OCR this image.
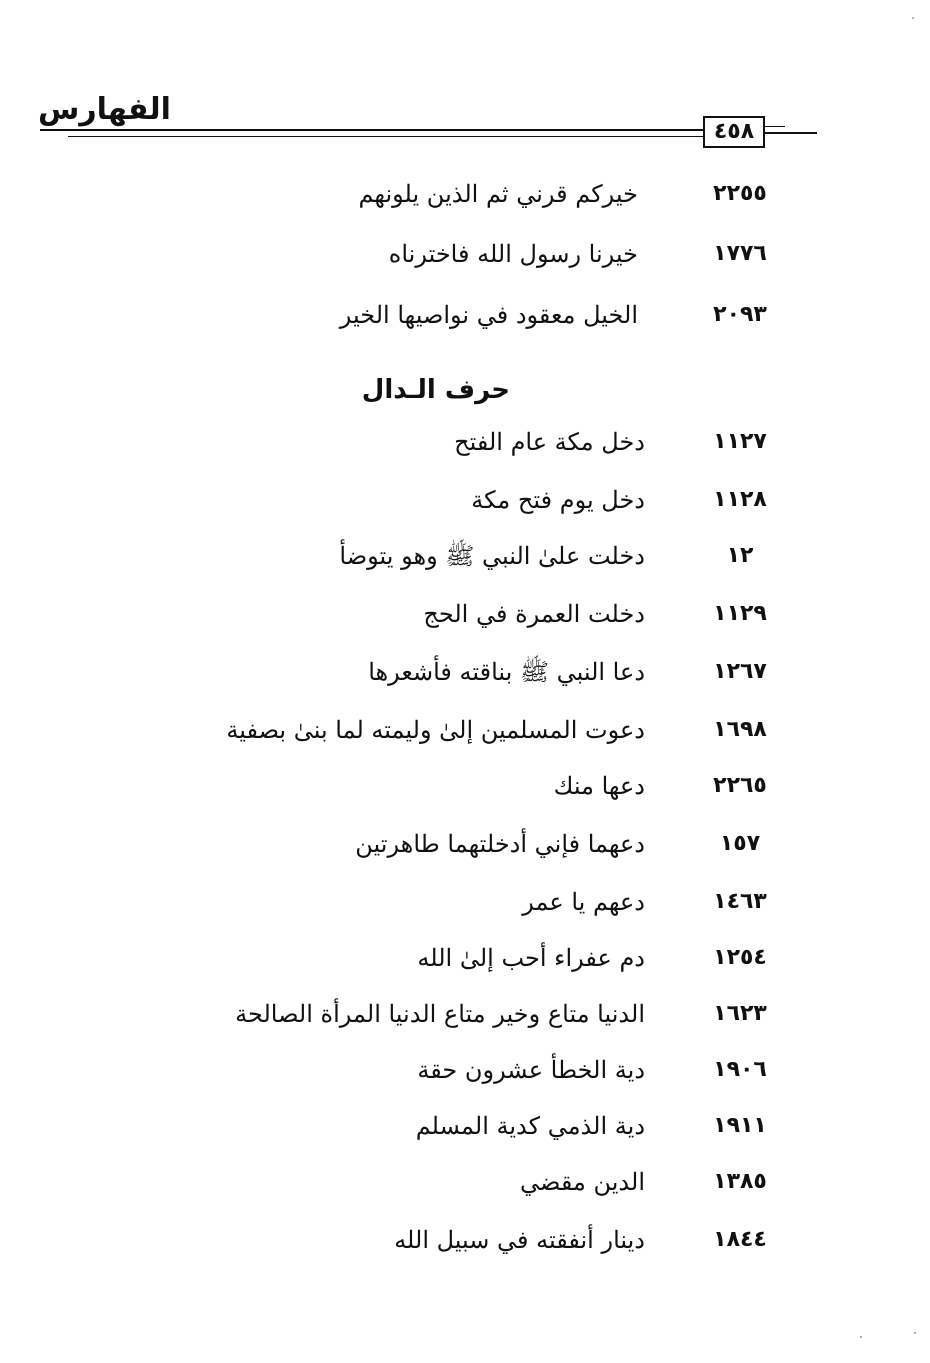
الفهارس
٤٥٨
٢٢٥٥
خيركم قرني ثم الذين يلونهم
١٧٧٦
خيرنا رسول الله فاخترناه
٢٠٩٣
الخيل معقود في نواصيها الخير
حرف الـدال
١١٢٧
دخل مكة عام الفتح
١١٢٨
دخل يوم فتح مكة
١٢
دخلت علىٰ النبي ﷺ وهو يتوضأ
١١٢٩
دخلت العمرة في الحج
١٢٦٧
دعا النبي ﷺ بناقته فأشعرها
١٦٩٨
دعوت المسلمين إلىٰ وليمته لما بنىٰ بصفية
٢٢٦٥
دعها منك
١٥٧
دعهما فإني أدخلتهما طاهرتين
١٤٦٣
دعهم يا عمر
١٢٥٤
دم عفراء أحب إلىٰ الله
١٦٢٣
الدنيا متاع وخير متاع الدنيا المرأة الصالحة
١٩٠٦
دية الخطأ عشرون حقة
١٩١١
دية الذمي كدية المسلم
١٣٨٥
الدين مقضي
١٨٤٤
دينار أنفقته في سبيل الله
